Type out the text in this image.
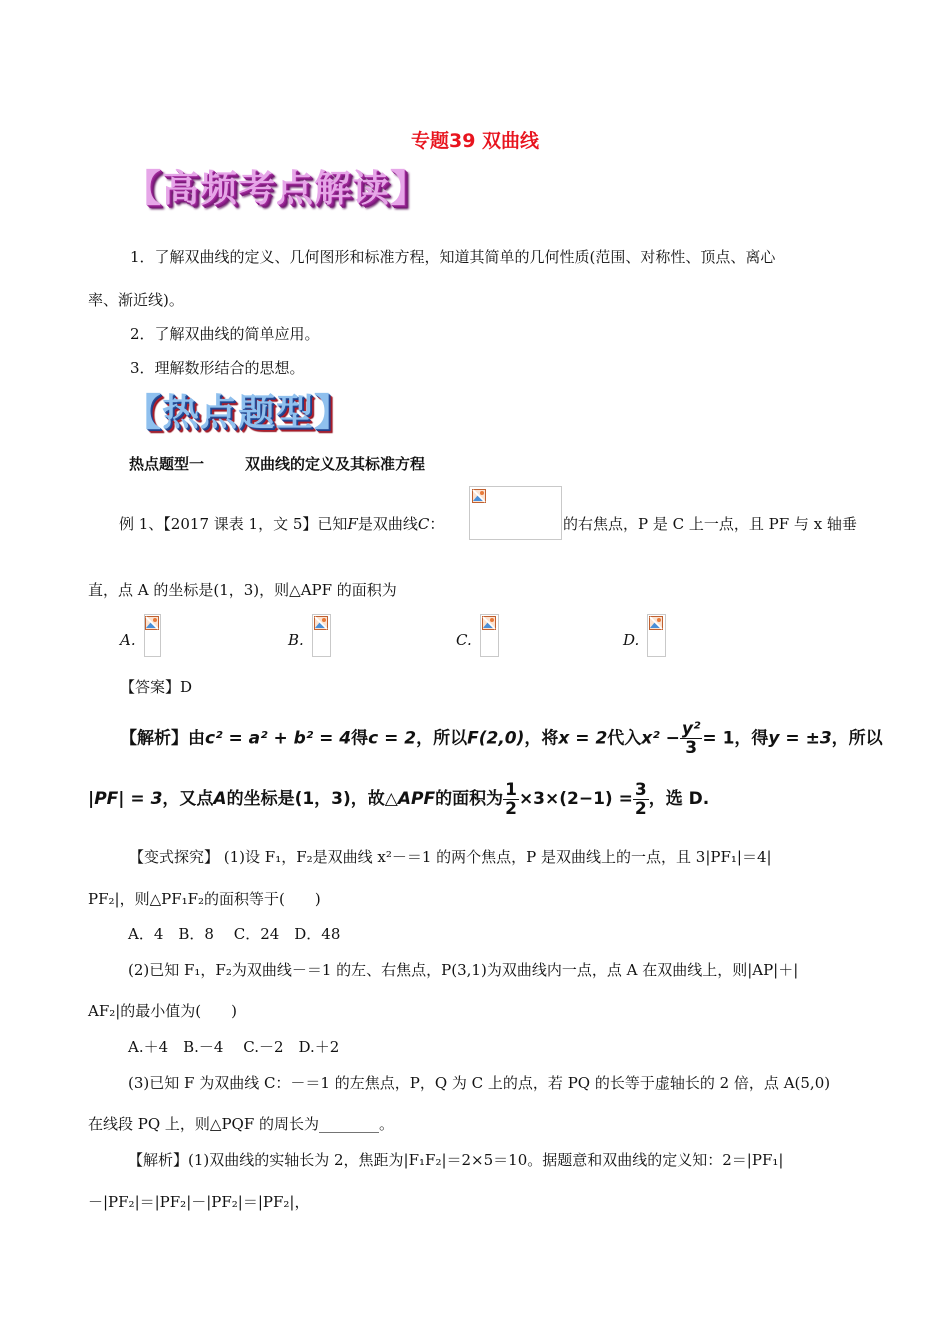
专题39 双曲线
【高频考点解读】
1．了解双曲线的定义、几何图形和标准方程，知道其简单的几何性质(范围、对称性、顶点、离心
率、渐近线)。
2．了解双曲线的简单应用。
3．理解数形结合的思想。
【热点题型】
热点题型一	双曲线的定义及其标准方程
例 1、【2017 课表 1，文 5】已知F是双曲线C：	的右焦点，P 是 C 上一点，且 PF 与 x 轴垂
直，点 A 的坐标是(1，3)，则△APF 的面积为
A.	B.	C.	D.
【答案】D
【解析】由c² = a² + b² = 4得c = 2，所以F(2,0)，将x = 2代入$x^2 - \frac{\text{y²}}{3} = 1$，得y = ±3，所以
|PF| = 3，又点A的坐标是(1，3)，故△APF的面积为 $\frac{1}{2} \times 3\times(2-1) = \frac{3}{2}$ ，选 D.
【变式探究】 (1)设 F₁，F₂是双曲线 x²－＝1 的两个焦点，P 是双曲线上的一点，且 3|PF₁|＝4|
PF₂|，则△PF₁F₂的面积等于(　　)
A．4　B．8　 C．24　D．48
(2)已知 F₁，F₂为双曲线－＝1 的左、右焦点，P(3,1)为双曲线内一点，点 A 在双曲线上，则|AP|＋|
AF₂|的最小值为(　　)
A.＋4　B.－4　 C.－2　D.＋2
(3)已知 F 为双曲线 C：－＝1 的左焦点，P，Q 为 C 上的点，若 PQ 的长等于虚轴长的 2 倍，点 A(5,0)
在线段 PQ 上，则△PQF 的周长为________。
【解析】(1)双曲线的实轴长为 2，焦距为|F₁F₂|＝2×5＝10。据题意和双曲线的定义知：2＝|PF₁|
－|PF₂|＝|PF₂|－|PF₂|＝|PF₂|，
